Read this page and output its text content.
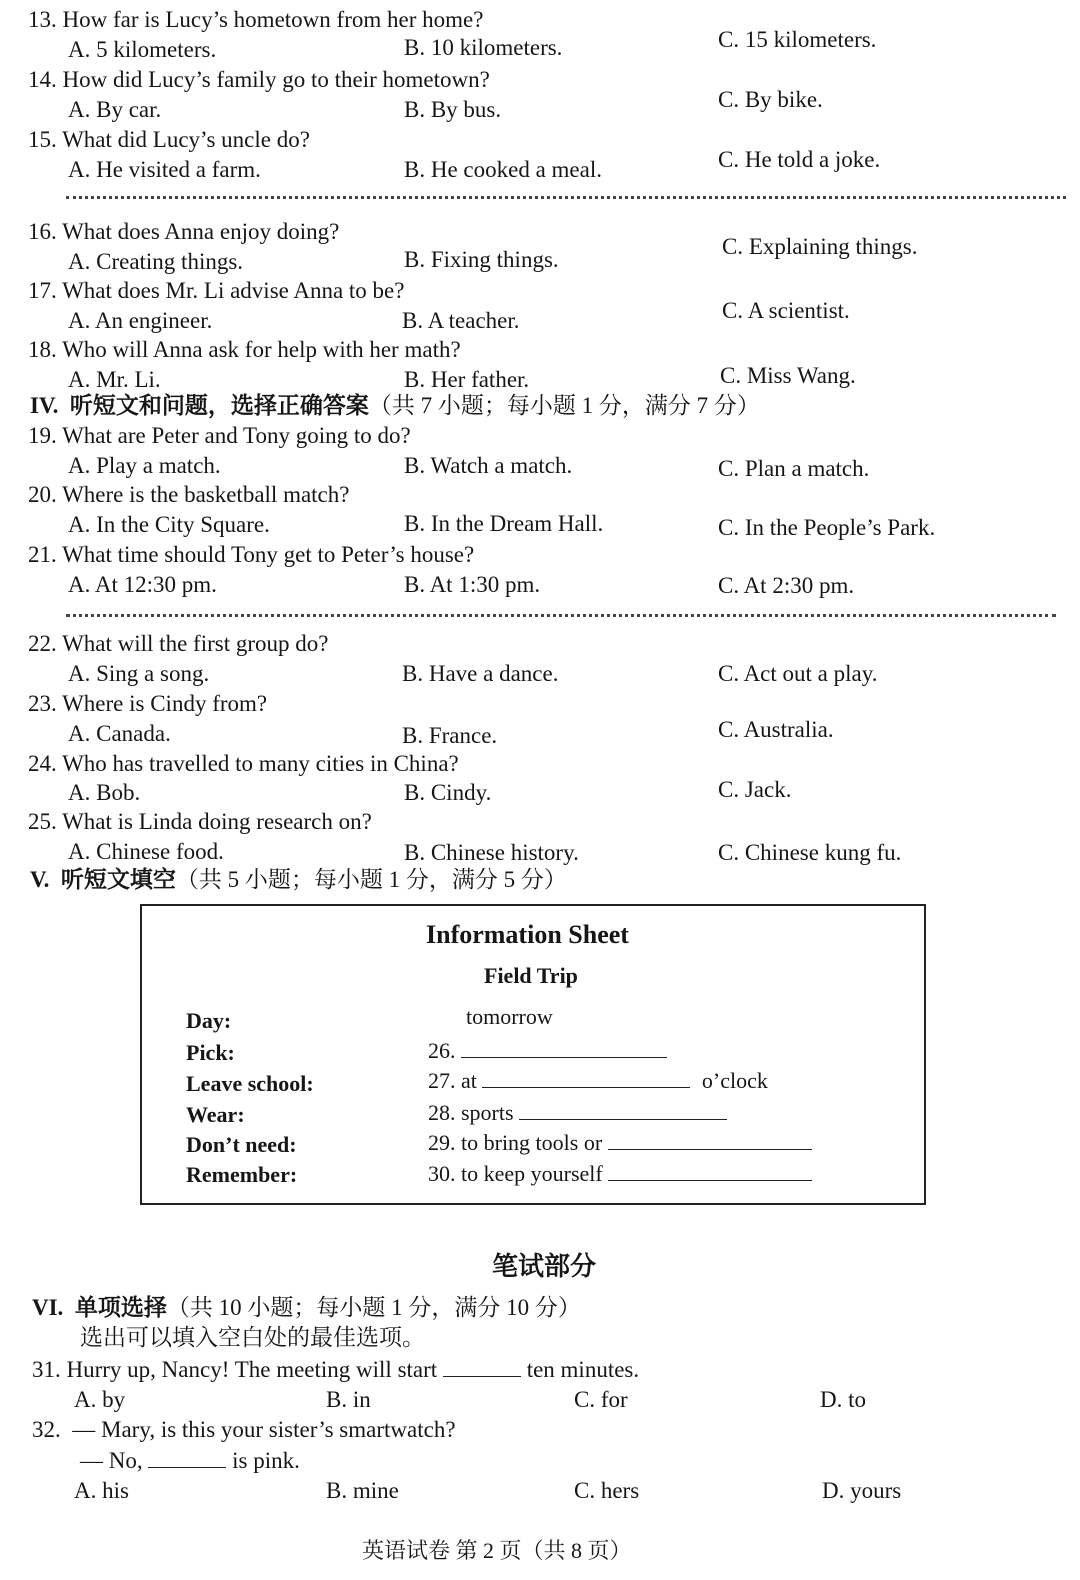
13. How far is Lucy’s hometown from her home?
A. 5 kilometers.	B. 10 kilometers.	C. 15 kilometers.
14. How did Lucy’s family go to their hometown?
A. By car.	B. By bus.	C. By bike.
15. What did Lucy’s uncle do?
A. He visited a farm.	B. He cooked a meal.	C. He told a joke.
16. What does Anna enjoy doing?
A. Creating things.	B. Fixing things.
C. Explaining things.
17. What does Mr. Li advise Anna to be?
A. An engineer.	B. A teacher.	C. A scientist.
18. Who will Anna ask for help with her math?
A. Mr. Li.	B. Her father.	C. Miss Wang.
IV. 听短文和问题，选择正确答案（共 7 小题；每小题 1 分，满分 7 分）
19. What are Peter and Tony going to do?
A. Play a match.	B. Watch a match.	C. Plan a match.
20. Where is the basketball match?
A. In the City Square.	B. In the Dream Hall.	C. In the People’s Park.
21. What time should Tony get to Peter’s house?
A. At 12:30 pm.	B. At 1:30 pm.	C. At 2:30 pm.
22. What will the first group do?
A. Sing a song.	B. Have a dance.	C. Act out a play.
23. Where is Cindy from?
A. Canada.	B. France.	C. Australia.
24. Who has travelled to many cities in China?
A. Bob.	B. Cindy.	C. Jack.
25. What is Linda doing research on?
A. Chinese food.	B. Chinese history.	C. Chinese kung fu.
V. 听短文填空（共 5 小题；每小题 1 分，满分 5 分）
Information Sheet
Field Trip
Day:	tomorrow
Pick:	26.
Leave school:	27. at	o’clock
Wear:	28. sports
Don’t need:	29. to bring tools or
Remember:	30. to keep yourself
笔试部分
VI. 单项选择（共 10 小题；每小题 1 分，满分 10 分）
选出可以填入空白处的最佳选项。
31. Hurry up, Nancy! The meeting will start	ten minutes.
A. by	B. in	C. for	D. to
32. — Mary, is this your sister’s smartwatch?
— No,	is pink.
A. his	B. mine	C. hers	D. yours
英语试卷 第 2 页（共 8 页）
